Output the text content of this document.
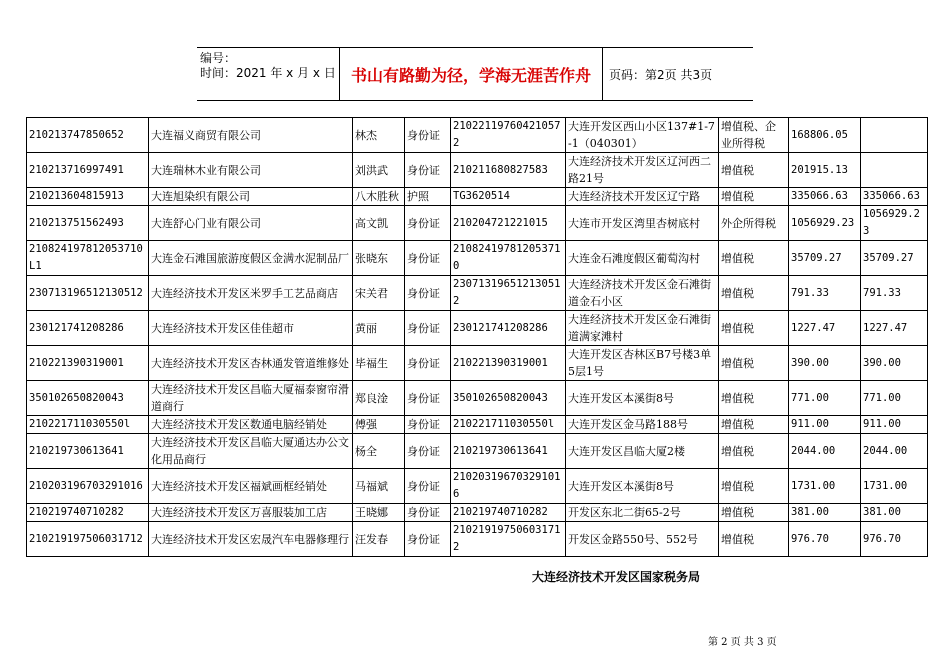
编号：
时间：2021 年 x 月 x 日 书山有路勤为径，学海无涯苦作舟	页码：第2页 共3页
210213747850652	大连福义商贸有限公司	林杰	身份证	210221197604210572	大连开发区西山小区137#1-7-1（040301）	增值税、企业所得税	168806.05	
210213716997491	大连瑞林木业有限公司	刘洪武	身份证	210211680827583	大连经济技术开发区辽河西二路21号	增值税	201915.13	
210213604815913	大连旭染织有限公司	八木胜秋	护照	TG3620514	大连经济技术开发区辽宁路	增值税	335066.63	335066.63
210213751562493	大连舒心门业有限公司	高文凯	身份证	210204721221015	大连市开发区湾里杏树底村	外企所得税	1056929.23	1056929.23
210824197812053710L1	大连金石滩国旅游度假区金满水泥制品厂	张晓东	身份证	210824197812053710	大连金石滩度假区葡萄沟村	增值税	35709.27	35709.27
230713196512130512	大连经济技术开发区米罗手工艺品商店	宋关君	身份证	230713196512130512	大连经济技术开发区金石滩街道金石小区	增值税	791.33	791.33
230121741208286	大连经济技术开发区佳佳超市	黄丽	身份证	230121741208286	大连经济技术开发区金石滩街道满家滩村	增值税	1227.47	1227.47
210221390319001	大连经济技术开发区杏林通发管道维修处	毕福生	身份证	210221390319001	大连开发区杏林区B7号楼3单5层1号	增值税	390.00	390.00
350102650820043	大连经济技术开发区昌临大厦福泰窗帘滑道商行	郑良淦	身份证	350102650820043	大连开发区本溪街8号	增值税	771.00	771.00
210221711030550l	大连经济技术开发区数通电脑经销处	傅强	身份证	210221711030550l	大连开发区金马路188号	增值税	911.00	911.00
210219730613641	大连经济技术开发区昌临大厦通达办公文化用品商行	杨全	身份证	210219730613641	大连开发区昌临大厦2楼	增值税	2044.00	2044.00
210203196703291016	大连经济技术开发区福斌画框经销处	马福斌	身份证	210203196703291016	大连开发区本溪街8号	增值税	1731.00	1731.00
210219740710282	大连经济技术开发区万喜服装加工店	王晓娜	身份证	210219740710282	开发区东北二街65-2号	增值税	381.00	381.00
210219197506031712	大连经济技术开发区宏晟汽车电器修理行	汪发春	身份证	210219197506031712	开发区金路550号、552号	增值税	976.70	976.70
大连经济技术开发区国家税务局
第 2 页 共 3 页
